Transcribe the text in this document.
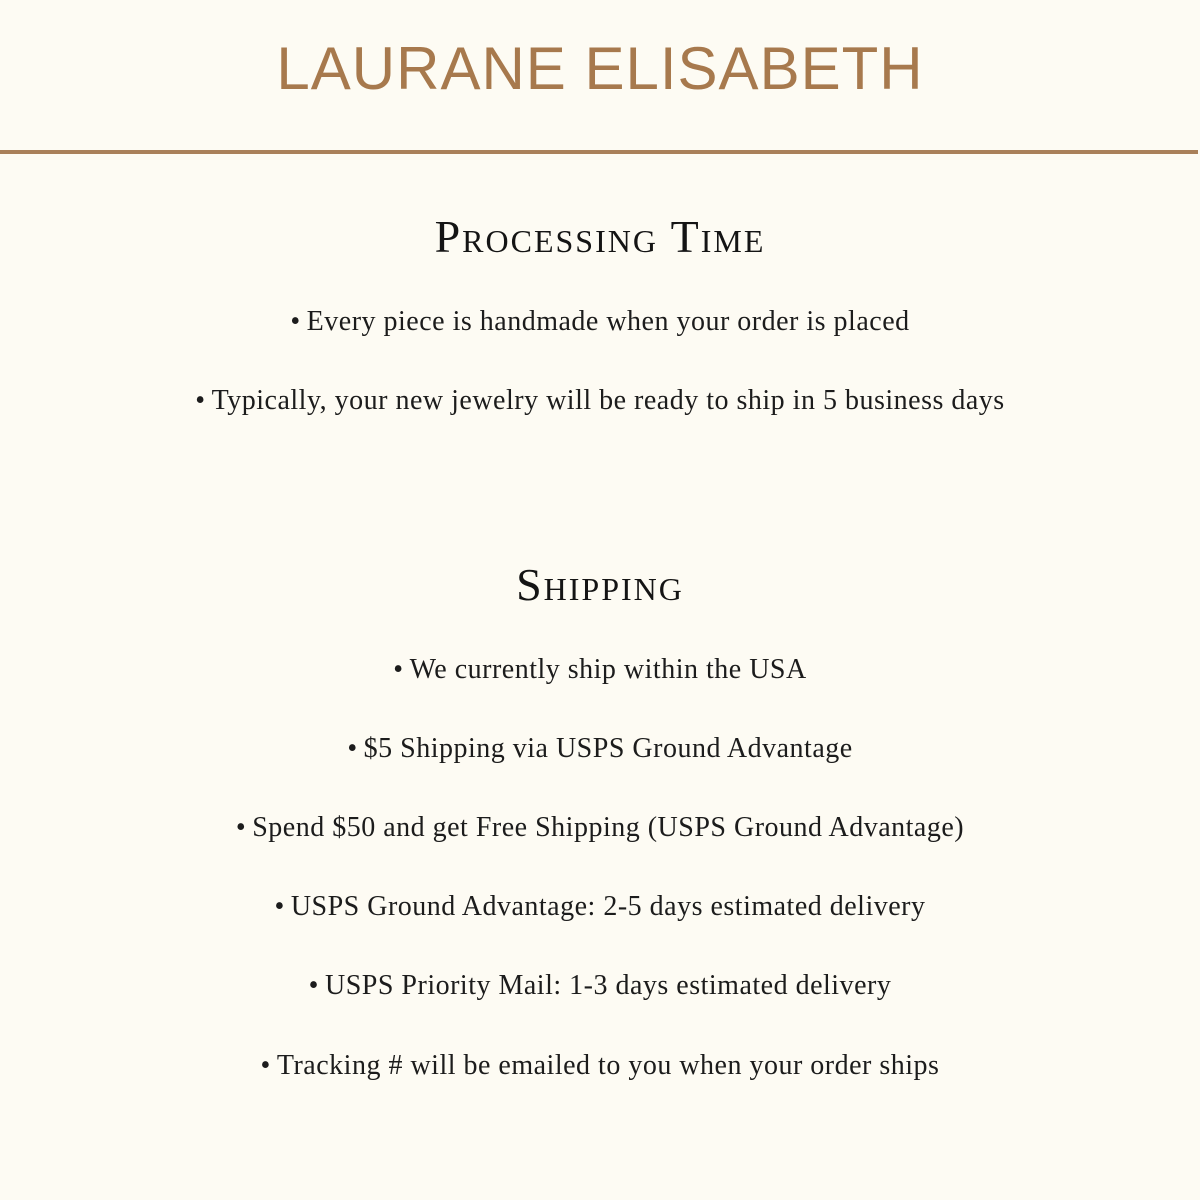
LAURANE ELISABETH
Processing Time

• Every piece is handmade when your order is placed

• Typically, your new jewelry will be ready to ship in 5 business days

Shipping

• We currently ship within the USA

• $5 Shipping via USPS Ground Advantage

• Spend $50 and get Free Shipping (USPS Ground Advantage)

• USPS Ground Advantage: 2-5 days estimated delivery

• USPS Priority Mail: 1-3 days estimated delivery

• Tracking # will be emailed to you when your order ships
